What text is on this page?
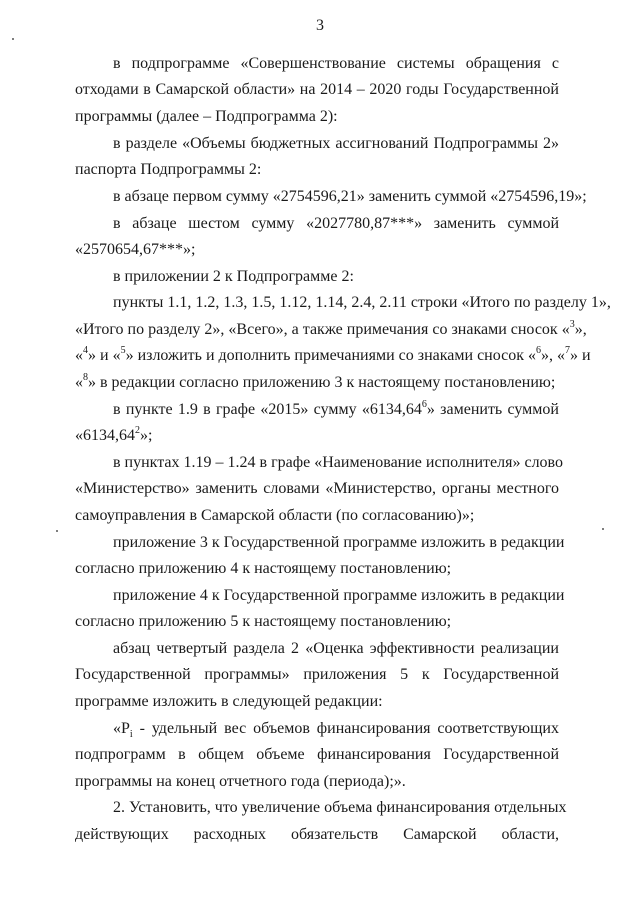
3
в подпрограмме «Совершенствование системы обращения с
отходами в Самарской области» на 2014 – 2020 годы Государственной
программы (далее – Подпрограмма 2):
в разделе «Объемы бюджетных ассигнований Подпрограммы 2»
паспорта Подпрограммы 2:
в абзаце первом сумму «2754596,21» заменить суммой «2754596,19»;
в абзаце шестом сумму «2027780,87***» заменить суммой
«2570654,67***»;
в приложении 2 к Подпрограмме 2:
пункты 1.1, 1.2, 1.3, 1.5, 1.12, 1.14, 2.4, 2.11 строки «Итого по разделу 1»,
«Итого по разделу 2», «Всего», а также примечания со знаками сносок «$^3$»,
«$^4$» и «$^5$» изложить и дополнить примечаниями со знаками сносок «$^6$», «$^7$» и
«$^8$» в редакции согласно приложению 3 к настоящему постановлению;
в пункте 1.9 в графе «2015» сумму «6134,64$^6$» заменить суммой
«6134,64$^2$»;
в пунктах 1.19 – 1.24 в графе «Наименование исполнителя» слово
«Министерство» заменить словами «Министерство, органы местного
самоуправления в Самарской области (по согласованию)»;
приложение 3 к Государственной программе изложить в редакции
согласно приложению 4 к настоящему постановлению;
приложение 4 к Государственной программе изложить в редакции
согласно приложению 5 к настоящему постановлению;
абзац четвертый раздела 2 «Оценка эффективности реализации
Государственной программы» приложения 5 к Государственной
программе изложить в следующей редакции:
«$P_i$ - удельный вес объемов финансирования соответствующих
подпрограмм в общем объеме финансирования Государственной
программы на конец отчетного года (периода);».
2. Установить, что увеличение объема финансирования отдельных
действующих расходных обязательств Самарской области,
